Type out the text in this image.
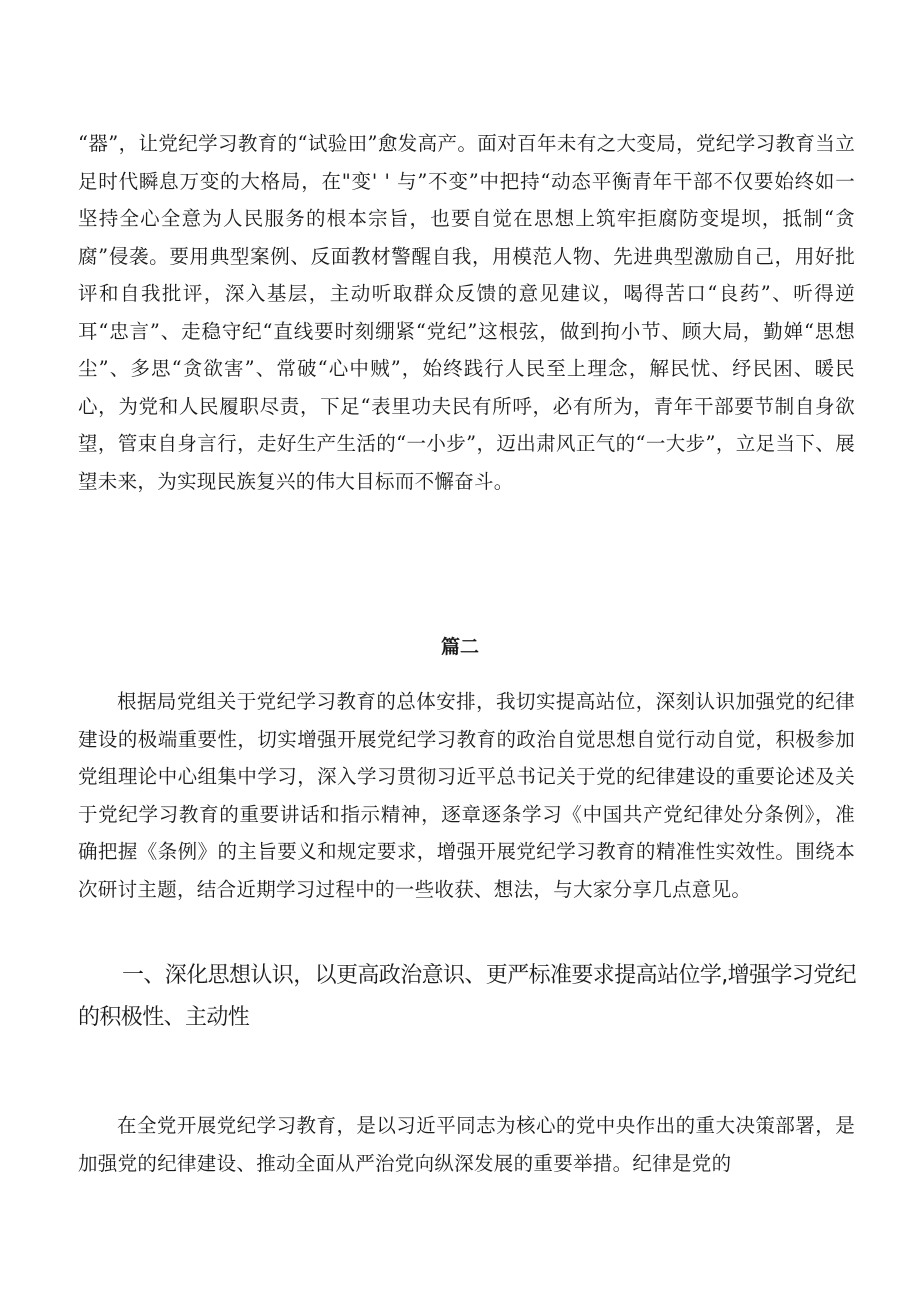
“器”，让党纪学习教育的“试验田”愈发高产。面对百年未有之大变局，党纪学习教育当立足时代瞬息万变的大格局，在"变' ' 与”不变”中把持“动态平衡青年干部不仅要始终如一坚持全心全意为人民服务的根本宗旨，也要自觉在思想上筑牢拒腐防变堤坝，抵制“贪腐”侵袭。要用典型案例、反面教材警醒自我，用模范人物、先进典型激励自己，用好批评和自我批评，深入基层，主动听取群众反馈的意见建议，喝得苦口“良药”、听得逆耳“忠言”、走稳守纪“直线要时刻绷紧“党纪”这根弦，做到拘小节、顾大局，勤婵“思想尘”、多思“贪欲害”、常破“心中贼”，始终践行人民至上理念，解民忧、纾民困、暖民心，为党和人民履职尽责，下足“表里功夫民有所呼，必有所为，青年干部要节制自身欲望，管束自身言行，走好生产生活的“一小步”，迈出肃风正气的“一大步”，立足当下、展望未来，为实现民族复兴的伟大目标而不懈奋斗。

篇二

根据局党组关于党纪学习教育的总体安排，我切实提高站位，深刻认识加强党的纪律建设的极端重要性，切实增强开展党纪学习教育的政治自觉思想自觉行动自觉，积极参加党组理论中心组集中学习，深入学习贯彻习近平总书记关于党的纪律建设的重要论述及关于党纪学习教育的重要讲话和指示精神，逐章逐条学习《中国共产党纪律处分条例》，准确把握《条例》的主旨要义和规定要求，增强开展党纪学习教育的精准性实效性。围绕本次研讨主题，结合近期学习过程中的一些收获、想法，与大家分享几点意见。

一、深化思想认识，以更高政治意识、更严标准要求提高站位学,增强学习党纪的积极性、主动性

在全党开展党纪学习教育，是以习近平同志为核心的党中央作出的重大决策部署，是加强党的纪律建设、推动全面从严治党向纵深发展的重要举措。纪律是党的
